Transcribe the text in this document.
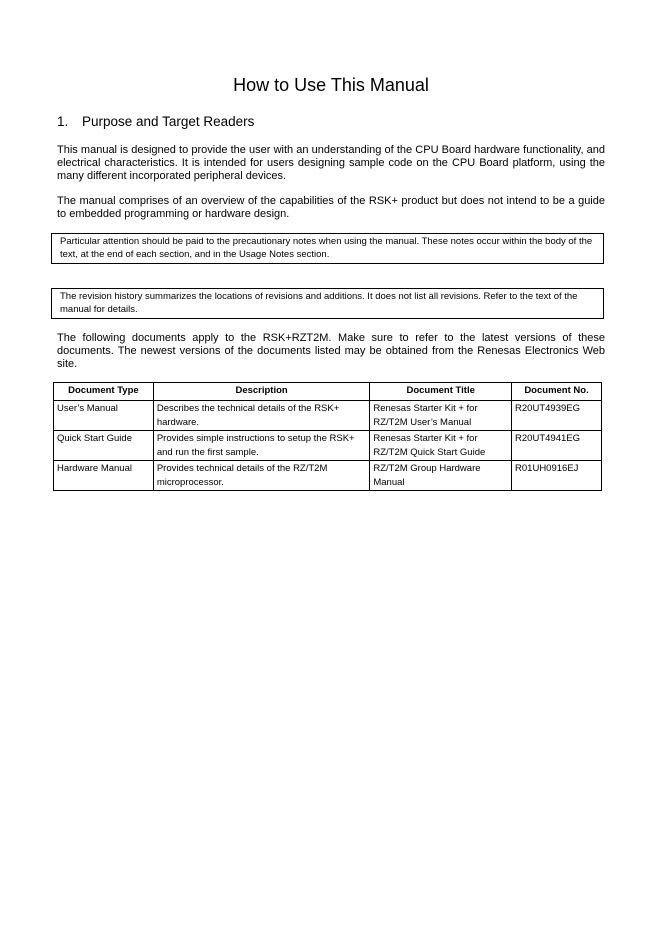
How to Use This Manual
1.	Purpose and Target Readers
This manual is designed to provide the user with an understanding of the CPU Board hardware functionality, and electrical characteristics. It is intended for users designing sample code on the CPU Board platform, using the many different incorporated peripheral devices.
The manual comprises of an overview of the capabilities of the RSK+ product but does not intend to be a guide to embedded programming or hardware design.
Particular attention should be paid to the precautionary notes when using the manual. These notes occur within the body of the text, at the end of each section, and in the Usage Notes section.
The revision history summarizes the locations of revisions and additions. It does not list all revisions. Refer to the text of the manual for details.
The following documents apply to the RSK+RZT2M. Make sure to refer to the latest versions of these documents. The newest versions of the documents listed may be obtained from the Renesas Electronics Web site.
Document Type	Description	Document Title	Document No.
User’s Manual	Describes the technical details of the RSK+ hardware.	Renesas Starter Kit + for RZ/T2M User’s Manual	R20UT4939EG
Quick Start Guide	Provides simple instructions to setup the RSK+ and run the first sample.	Renesas Starter Kit + for RZ/T2M Quick Start Guide	R20UT4941EG
Hardware Manual	Provides technical details of the RZ/T2M microprocessor.	RZ/T2M Group Hardware Manual	R01UH0916EJ
